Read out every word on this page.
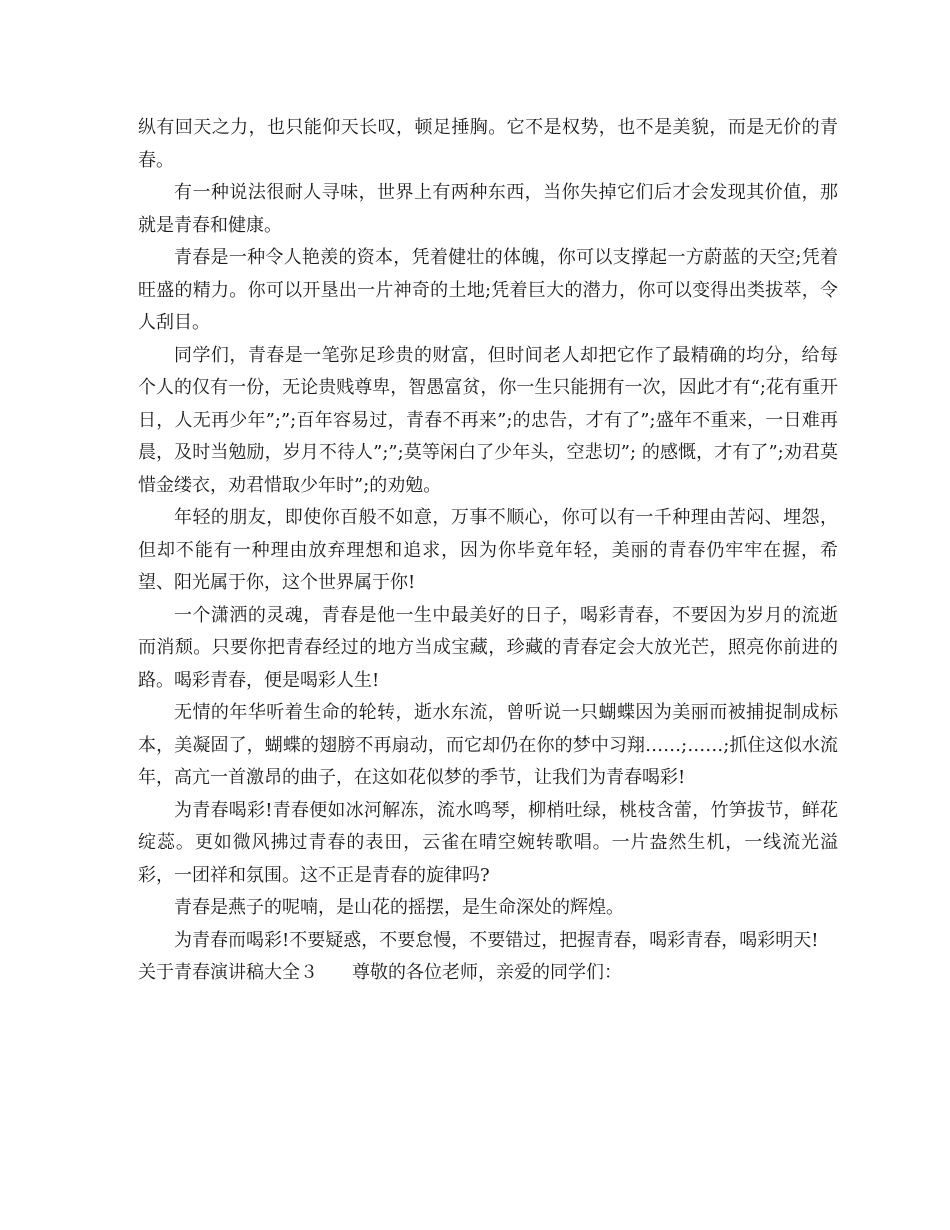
纵有回天之力，也只能仰天长叹，顿足捶胸。它不是权势，也不是美貌，而是无价的青春。

有一种说法很耐人寻味，世界上有两种东西，当你失掉它们后才会发现其价值，那就是青春和健康。

青春是一种令人艳羡的资本，凭着健壮的体魄，你可以支撑起一方蔚蓝的天空;凭着旺盛的精力。你可以开垦出一片神奇的土地;凭着巨大的潜力，你可以变得出类拔萃，令人刮目。

同学们，青春是一笔弥足珍贵的财富，但时间老人却把它作了最精确的均分，给每个人的仅有一份，无论贵贱尊卑，智愚富贫，你一生只能拥有一次，因此才有“;花有重开日，人无再少年”;”;百年容易过，青春不再来”;的忠告，才有了”;盛年不重来，一日难再晨，及时当勉励，岁月不待人”;”;莫等闲白了少年头，空悲切”; 的感慨，才有了”;劝君莫惜金缕衣，劝君惜取少年时”;的劝勉。

年轻的朋友，即使你百般不如意，万事不顺心，你可以有一千种理由苦闷、埋怨，但却不能有一种理由放弃理想和追求，因为你毕竟年轻，美丽的青春仍牢牢在握，希望、阳光属于你，这个世界属于你!

一个潇洒的灵魂，青春是他一生中最美好的日子，喝彩青春，不要因为岁月的流逝而消颓。只要你把青春经过的地方当成宝藏，珍藏的青春定会大放光芒，照亮你前进的路。喝彩青春，便是喝彩人生!

无情的年华听着生命的轮转，逝水东流，曾听说一只蝴蝶因为美丽而被捕捉制成标本，美凝固了，蝴蝶的翅膀不再扇动，而它却仍在你的梦中习翔……;……;抓住这似水流年，高亢一首激昂的曲子，在这如花似梦的季节，让我们为青春喝彩!

为青春喝彩!青春便如冰河解冻，流水鸣琴，柳梢吐绿，桃枝含蕾，竹笋拔节，鲜花绽蕊。更如微风拂过青春的表田，云雀在晴空婉转歌唱。一片盎然生机，一线流光溢彩，一团祥和氛围。这不正是青春的旋律吗?

青春是燕子的呢喃，是山花的摇摆，是生命深处的辉煌。

为青春而喝彩!不要疑惑，不要怠慢，不要错过，把握青春，喝彩青春，喝彩明天!

关于青春演讲稿大全３ 尊敬的各位老师，亲爱的同学们：
